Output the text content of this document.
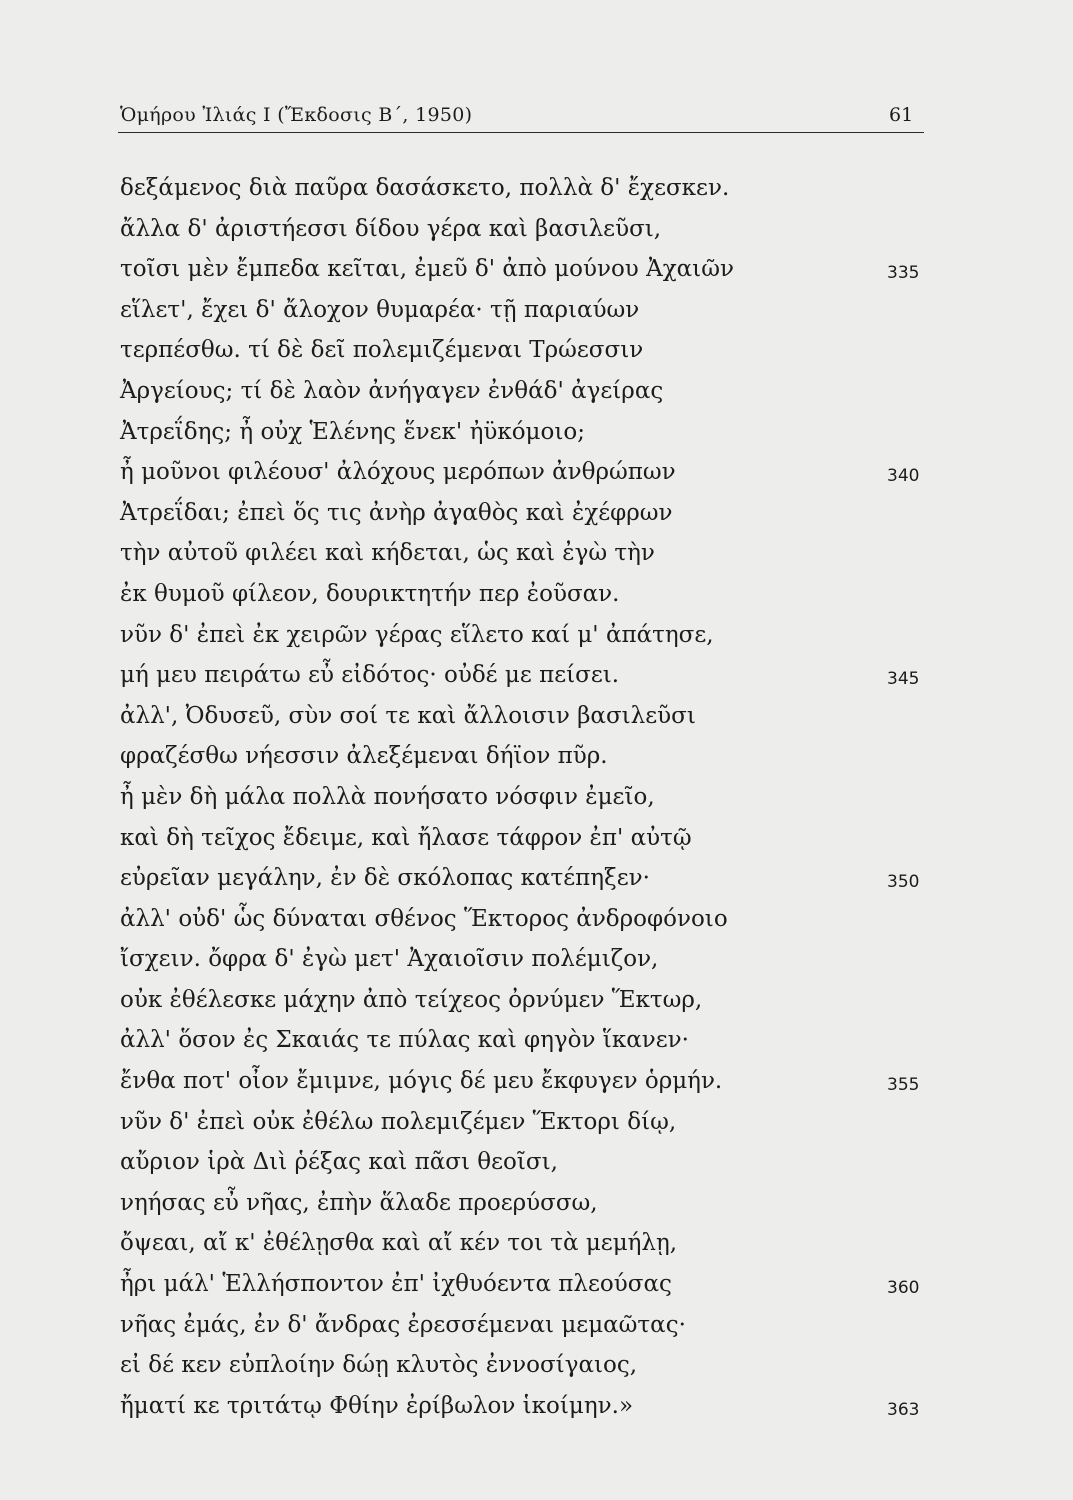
Ὁμήρου Ἰλιάς Ι (Ἔκδοσις Β΄, 1950)	61
δεξάμενος διὰ παῦρα δασάσκετο, πολλὰ δ' ἔχεσκεν.
ἄλλα δ' ἀριστήεσσι δίδου γέρα καὶ βασιλεῦσι,
τοῖσι μὲν ἔμπεδα κεῖται, ἐμεῦ δ' ἀπὸ μούνου Ἀχαιῶν	335
εἵλετ', ἔχει δ' ἄλοχον θυμαρέα· τῇ παριαύων
τερπέσθω. τί δὲ δεῖ πολεμιζέμεναι Τρώεσσιν
Ἀργείους; τί δὲ λαὸν ἀνήγαγεν ἐνθάδ' ἀγείρας
Ἀτρεΐδης; ἦ οὐχ Ἑλένης ἕνεκ' ἠϋκόμοιο;
ἦ μοῦνοι φιλέουσ' ἀλόχους μερόπων ἀνθρώπων	340
Ἀτρεΐδαι; ἐπεὶ ὅς τις ἀνὴρ ἀγαθὸς καὶ ἐχέφρων
τὴν αὐτοῦ φιλέει καὶ κήδεται, ὡς καὶ ἐγὼ τὴν
ἐκ θυμοῦ φίλεον, δουρικτητήν περ ἐοῦσαν.
νῦν δ' ἐπεὶ ἐκ χειρῶν γέρας εἵλετο καί μ' ἀπάτησε,
μή μευ πειράτω εὖ εἰδότος· οὐδέ με πείσει.	345
ἀλλ', Ὀδυσεῦ, σὺν σοί τε καὶ ἄλλοισιν βασιλεῦσι
φραζέσθω νήεσσιν ἀλεξέμεναι δήϊον πῦρ.
ἦ μὲν δὴ μάλα πολλὰ πονήσατο νόσφιν ἐμεῖο,
καὶ δὴ τεῖχος ἔδειμε, καὶ ἤλασε τάφρον ἐπ' αὐτῷ
εὐρεῖαν μεγάλην, ἐν δὲ σκόλοπας κατέπηξεν·	350
ἀλλ' οὐδ' ὧς δύναται σθένος Ἕκτορος ἀνδροφόνοιο
ἴσχειν. ὄφρα δ' ἐγὼ μετ' Ἀχαιοῖσιν πολέμιζον,
οὐκ ἐθέλεσκε μάχην ἀπὸ τείχεος ὀρνύμεν Ἕκτωρ,
ἀλλ' ὅσον ἐς Σκαιάς τε πύλας καὶ φηγὸν ἵκανεν·
ἔνθα ποτ' οἶον ἔμιμνε, μόγις δέ μευ ἔκφυγεν ὁρμήν.	355
νῦν δ' ἐπεὶ οὐκ ἐθέλω πολεμιζέμεν Ἕκτορι δίῳ,
αὔριον ἱρὰ Διὶ ῥέξας καὶ πᾶσι θεοῖσι,
νηήσας εὖ νῆας, ἐπὴν ἅλαδε προερύσσω,
ὄψεαι, αἴ κ' ἐθέλῃσθα καὶ αἴ κέν τοι τὰ μεμήλῃ,
ἦρι μάλ' Ἑλλήσποντον ἐπ' ἰχθυόεντα πλεούσας	360
νῆας ἐμάς, ἐν δ' ἄνδρας ἐρεσσέμεναι μεμαῶτας·
εἰ δέ κεν εὐπλοίην δώῃ κλυτὸς ἐννοσίγαιος,
ἤματί κε τριτάτῳ Φθίην ἐρίβωλον ἱκοίμην.»	363
